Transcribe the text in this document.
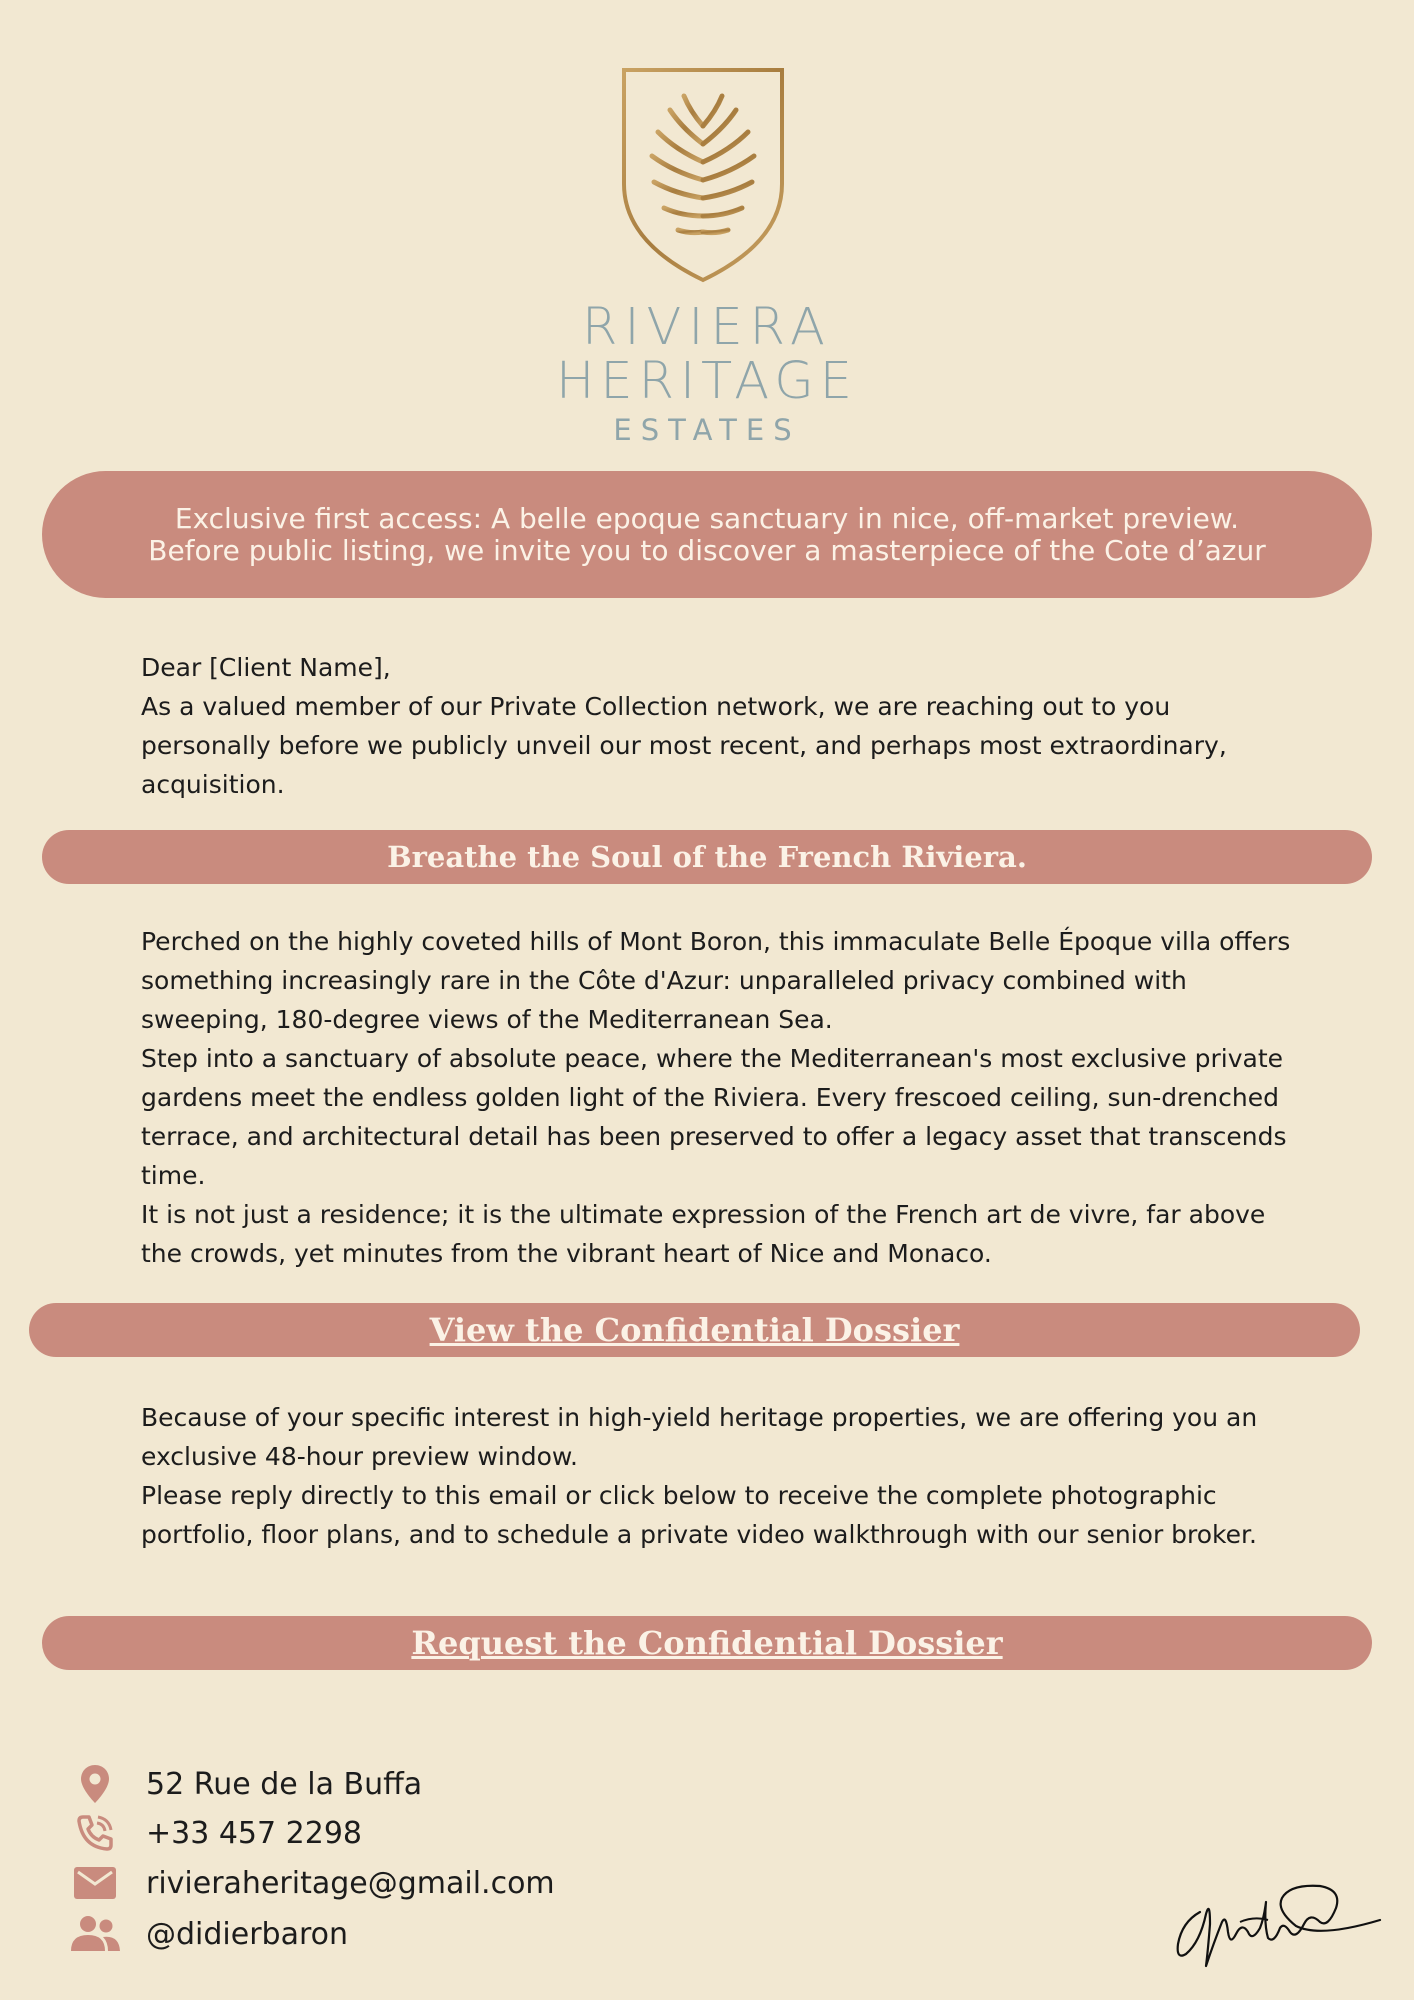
RIVIERA
HERITAGE
ESTATES
Exclusive first access: A belle epoque sanctuary in nice, off-market preview.
Before public listing, we invite you to discover a masterpiece of the Cote d’azur

Dear [Client Name],

As a valued member of our Private Collection network, we are reaching out to you personally before we publicly unveil our most recent, and perhaps most extraordinary, acquisition.

Breathe the Soul of the French Riviera.

Perched on the highly coveted hills of Mont Boron, this immaculate Belle Époque villa offers something increasingly rare in the Côte d'Azur: unparalleled privacy combined with sweeping, 180-degree views of the Mediterranean Sea.

Step into a sanctuary of absolute peace, where the Mediterranean's most exclusive private gardens meet the endless golden light of the Riviera. Every frescoed ceiling, sun-drenched terrace, and architectural detail has been preserved to offer a legacy asset that transcends time.

It is not just a residence; it is the ultimate expression of the French art de vivre, far above the crowds, yet minutes from the vibrant heart of Nice and Monaco.

View the Confidential Dossier

Because of your specific interest in high-yield heritage properties, we are offering you an exclusive 48-hour preview window.

Please reply directly to this email or click below to receive the complete photographic portfolio, floor plans, and to schedule a private video walkthrough with our senior broker.

Request the Confidential Dossier
52 Rue de la Buffa
+33 457 2298
rivieraheritage@gmail.com
@didierbaron
